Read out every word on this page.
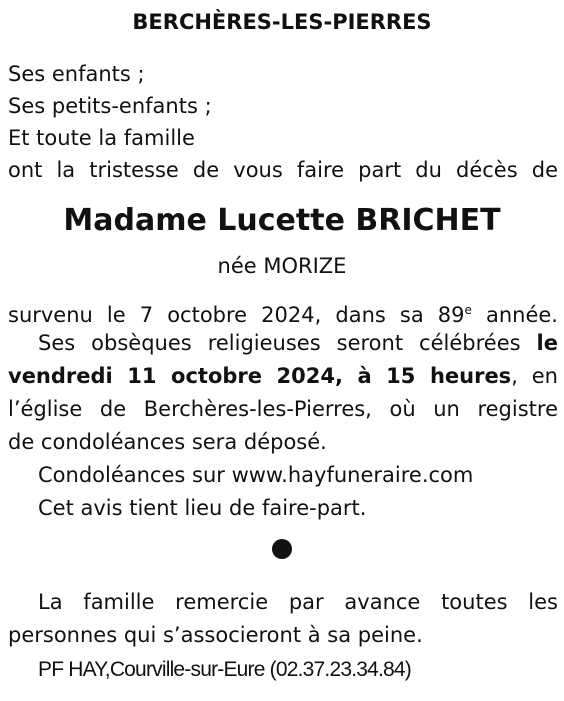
BERCHÈRES-LES-PIERRES
Ses enfants ;
Ses petits-enfants ;
Et toute la famille
ont la tristesse de vous faire part du décès de
Madame Lucette BRICHET
née MORIZE
survenu le 7 octobre 2024, dans sa 89e année.
Ses obsèques religieuses seront célébrées le
vendredi 11 octobre 2024, à 15 heures, en
l’église de Berchères-les-Pierres, où un registre
de condoléances sera déposé.
Condoléances sur www.hayfuneraire.com
Cet avis tient lieu de faire-part.
La famille remercie par avance toutes les
personnes qui s’associeront à sa peine.
PF HAY,Courville-sur-Eure (02.37.23.34.84)
